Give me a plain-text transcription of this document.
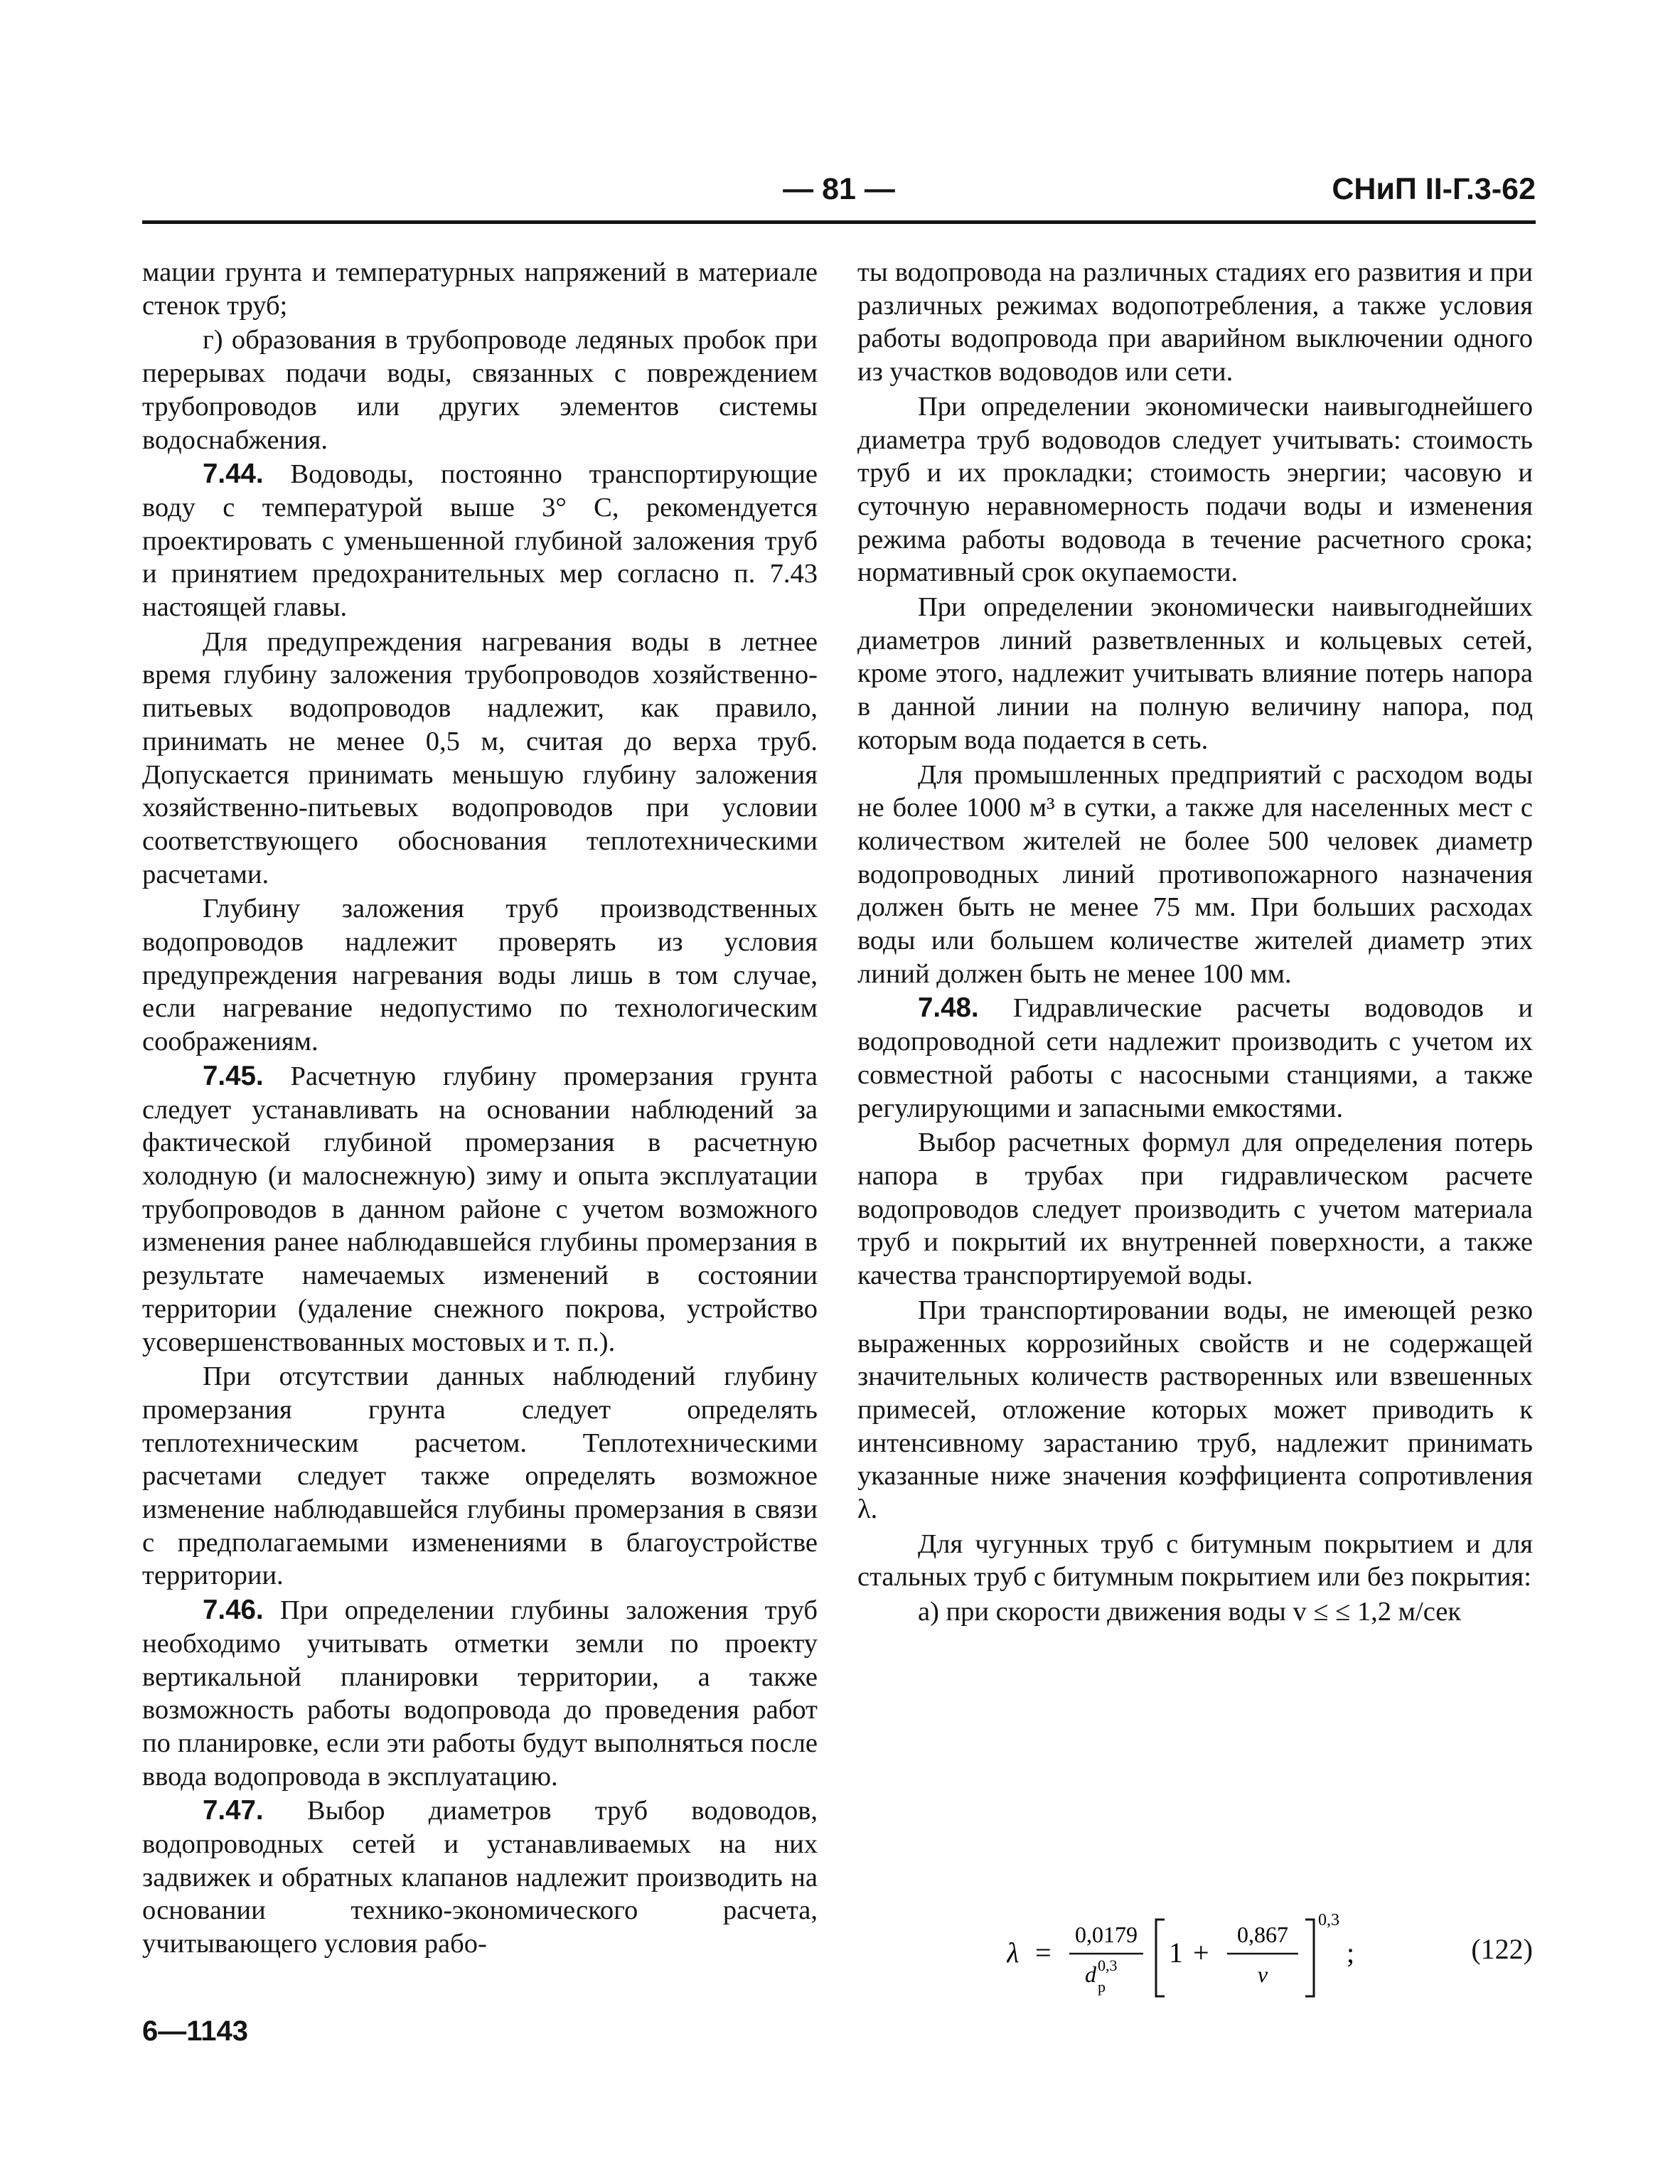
— 81 —	СНиП II-Г.3-62

мации грунта и температурных напряжений в материале стенок труб;

г) образования в трубопроводе ледяных пробок при перерывах подачи воды, связанных с повреждением трубопроводов или других элементов системы водоснабжения.

7.44. Водоводы, постоянно транспортирующие воду с температурой выше 3° С, рекомендуется проектировать с уменьшенной глубиной заложения труб и принятием предохранительных мер согласно п. 7.43 настоящей главы.

Для предупреждения нагревания воды в летнее время глубину заложения трубопроводов хозяйственно-питьевых водопроводов надлежит, как правило, принимать не менее 0,5 м, считая до верха труб. Допускается принимать меньшую глубину заложения хозяйственно-питьевых водопроводов при условии соответствующего обоснования теплотехническими расчетами.

Глубину заложения труб производственных водопроводов надлежит проверять из условия предупреждения нагревания воды лишь в том случае, если нагревание недопустимо по технологическим соображениям.

7.45. Расчетную глубину промерзания грунта следует устанавливать на основании наблюдений за фактической глубиной промерзания в расчетную холодную (и малоснежную) зиму и опыта эксплуатации трубопроводов в данном районе с учетом возможного изменения ранее наблюдавшейся глубины промерзания в результате намечаемых изменений в состоянии территории (удаление снежного покрова, устройство усовершенствованных мостовых и т. п.).

При отсутствии данных наблюдений глубину промерзания грунта следует определять теплотехническим расчетом. Теплотехническими расчетами следует также определять возможное изменение наблюдавшейся глубины промерзания в связи с предполагаемыми изменениями в благоустройстве территории.

7.46. При определении глубины заложения труб необходимо учитывать отметки земли по проекту вертикальной планировки территории, а также возможность работы водопровода до проведения работ по планировке, если эти работы будут выполняться после ввода водопровода в эксплуатацию.

7.47. Выбор диаметров труб водоводов, водопроводных сетей и устанавливаемых на них задвижек и обратных клапанов надлежит производить на основании технико-экономического расчета, учитывающего условия рабо-

6—1143

ты водопровода на различных стадиях его развития и при различных режимах водопотребления, а также условия работы водопровода при аварийном выключении одного из участков водоводов или сети.

При определении экономически наивыгоднейшего диаметра труб водоводов следует учитывать: стоимость труб и их прокладки; стоимость энергии; часовую и суточную неравномерность подачи воды и изменения режима работы водовода в течение расчетного срока; нормативный срок окупаемости.

При определении экономически наивыгоднейших диаметров линий разветвленных и кольцевых сетей, кроме этого, надлежит учитывать влияние потерь напора в данной линии на полную величину напора, под которым вода подается в сеть.

Для промышленных предприятий с расходом воды не более 1000 м³ в сутки, а также для населенных мест с количеством жителей не более 500 человек диаметр водопроводных линий противопожарного назначения должен быть не менее 75 мм. При больших расходах воды или большем количестве жителей диаметр этих линий должен быть не менее 100 мм.

7.48. Гидравлические расчеты водоводов и водопроводной сети надлежит производить с учетом их совместной работы с насосными станциями, а также регулирующими и запасными емкостями.

Выбор расчетных формул для определения потерь напора в трубах при гидравлическом расчете водопроводов следует производить с учетом материала труб и покрытий их внутренней поверхности, а также качества транспортируемой воды.

При транспортировании воды, не имеющей резко выраженных коррозийных свойств и не содержащей значительных количеств растворенных или взвешенных примесей, отложение которых может приводить к интенсивному зарастанию труб, надлежит принимать указанные ниже значения коэффициента сопротивления λ.

Для чугунных труб с битумным покрытием и для стальных труб с битумным покрытием или без покрытия:

а) при скорости движения воды v ≤ ≤ 1,2 м/сек

λ =
0,0179
d р
0,3 1 +
0,867
v
0,3
;	(122)
